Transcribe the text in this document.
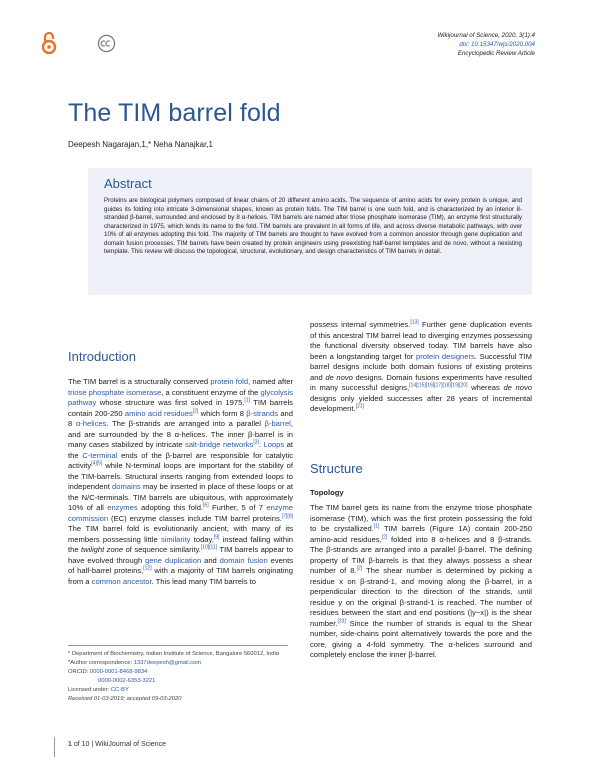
Wikijournal of Science, 2020, 3(1):4
doi: 10.15347/wjs/2020.004
Encyclopedic Review Article
The TIM barrel fold
Deepesh Nagarajan,1,* Neha Nanajkar,1
Abstract
Proteins are biological polymers composed of linear chains of 20 different amino acids. The sequence of amino acids for every protein is unique, and guides its folding into intricate 3-dimensional shapes, known as protein folds. The TIM barrel is one such fold, and is characterized by an interior 8-stranded β-barrel, surrounded and enclosed by 8 α-helices. TIM barrels are named after triose phosphate isomerase (TIM), an enzyme first structurally characterized in 1975, which lends its name to the fold. TIM barrels are prevalent in all forms of life, and across diverse metabolic pathways, with over 10% of all enzymes adopting this fold. The majority of TIM barrels are thought to have evolved from a common ancestor through gene duplication and domain fusion processes. TIM barrels have been created by protein engineers using preexisting half-barrel templates and de novo, without a nexisting template. This review will discuss the topological, structural, evolutionary, and design characteristics of TIM barrels in detail.
Introduction
The TIM barrel is a structurally conserved protein fold, named after triose phosphate isomerase, a constituent enzyme of the glycolysis pathway whose structure was first solved in 1975.[1] TIM barrels contain 200-250 amino acid residues[2] which form 8 β-strands and 8 α-helices. The β-strands are arranged into a parallel β-barrel, and are surrounded by the 8 α-helices. The inner β-barrel is in many cases stabilized by intricate salt-bridge networks[3]. Loops at the C-terminal ends of the β-barrel are responsible for catalytic activity[4][5] while N-terminal loops are important for the stability of the TIM-barrels. Structural inserts ranging from extended loops to independent domains may be inserted in place of these loops or at the N/C-terminals. TIM barrels are ubiquitous, with approximately 10% of all enzymes adopting this fold.[6] Further, 5 of 7 enzyme commission (EC) enzyme classes include TIM barrel proteins.[7][8] The TIM barrel fold is evolutionarily ancient, with many of its members possessing little similarity today,[9] instead falling within the twilight zone of sequence similarity.[10][11] TIM barrels appear to have evolved through gene duplication and domain fusion events of half-barrel proteins,[12] with a majority of TIM barrels originating from a common ancestor. This lead many TIM barrels to
possess internal symmetries.[13] Further gene duplication events of this ancestral TIM barrel lead to diverging enzymes possessing the functional diversity observed today. TIM barrels have also been a longstanding target for protein designers. Successful TIM barrel designs include both domain fusions of existing proteins and de novo designs. Domain fusions experiments have resulted in many successful designs,[14][15][16][17][18][19][20] whereas de novo designs only yielded successes after 28 years of incremental development.[21]
Structure
Topology
The TIM barrel gets its name from the enzyme triose phosphate isomerase (TIM), which was the first protein possessing the fold to be crystallized.[1] TIM barrels (Figure 1A) contain 200-250 amino-acid residues,[2] folded into 8 α-helices and 8 β-strands. The β-strands are arranged into a parallel β-barrel. The defining property of TIM β-barrels is that they always possess a shear number of 8.[2] The shear number is determined by picking a residue x on β-strand-1, and moving along the β-barrel, in a perpendicular direction to the direction of the strands, until residue y on the original β-strand-1 is reached. The number of residues between the start and end positions (|y−x|) is the shear number.[23] Since the number of strands is equal to the Shear number, side-chains point alternatively towards the pore and the core, giving a 4-fold symmetry. The α-helices surround and completely enclose the inner β-barrel.
* Department of Biochemistry, Indian Institute of Science, Bangalore 560012, India
*Author correspondence: 1337deepesh@gmail.com
ORCID: 0000-0001-8468-9834
0000-0002-6353-3221
Licensed under: CC-BY
Received 01-03-2019; accepted 09-03-2020
1 of 10 | WikiJournal of Science
